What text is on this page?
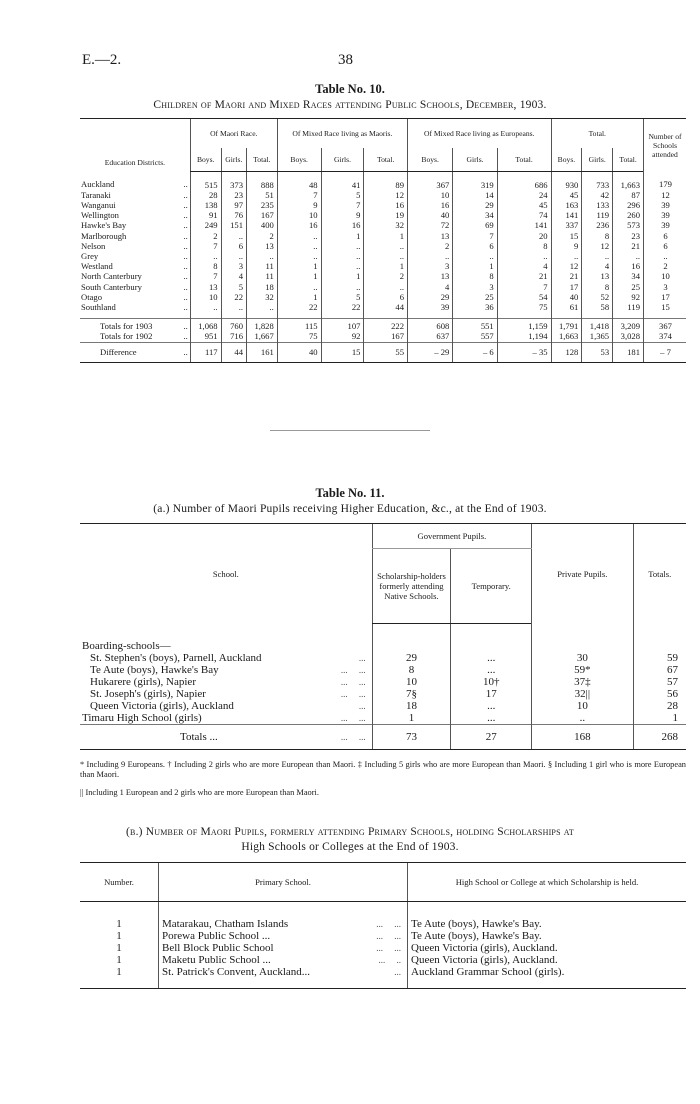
E.—2.	38
Table No. 10.
Children of Maori and Mixed Races attending Public Schools, December, 1903.
Education Districts.		Of Maori Race.			Of Mixed Race living as Maoris.			Of Mixed Race living as Europeans.			Total.			Number of Schools attended
		Boys.	Girls.	Total.	Boys.	Girls.	Total.	Boys.	Girls.	Total.	Boys.	Girls.	Total.	
Auckland	..	515	373	888	48	41	89	367	319	686	930	733	1,663	179
Taranaki	..	28	23	51	7	5	12	10	14	24	45	42	87	12
Wanganui	..	138	97	235	9	7	16	16	29	45	163	133	296	39
Wellington	..	91	76	167	10	9	19	40	34	74	141	119	260	39
Hawke's Bay	..	249	151	400	16	16	32	72	69	141	337	236	573	39
Marlborough	..	2	..	2	..	1	1	13	7	20	15	8	23	6
Nelson	..	7	6	13	..	..	..	2	6	8	9	12	21	6
Grey	..	..	..	..	..	..	..	..	..	..	..	..	..	..
Westland	..	8	3	11	1	..	1	3	1	4	12	4	16	2
North Canterbury	..	7	4	11	1	1	2	13	8	21	21	13	34	10
South Canterbury	..	13	5	18	..	..	..	4	3	7	17	8	25	3
Otago	..	10	22	32	1	5	6	29	25	54	40	52	92	17
Southland	..	..	..	..	22	22	44	39	36	75	61	58	119	15
Totals for 1903	..	1,068	760	1,828	115	107	222	608	551	1,159	1,791	1,418	3,209	367
Totals for 1902	..	951	716	1,667	75	92	167	637	557	1,194	1,663	1,365	3,028	374
Difference	..	117	44	161	40	15	55	– 29	– 6	– 35	128	53	181	– 7
Table No. 11.
(a.) Number of Maori Pupils receiving Higher Education, &c., at the End of 1903.
School.	Government Pupils.		Private Pupils.	Totals.
	Scholarship-holders formerly attending Native Schools.	Temporary.		
Boarding-schools—				
St. Stephen's (boys), Parnell, Auckland ...	29	...	30	59
Te Aute (boys), Hawke's Bay ...     ...	8	...	59*	67
Hukarere (girls), Napier ...     ...	10	10†	37‡	57
St. Joseph's (girls), Napier ...     ...	7§	17	32||	56
Queen Victoria (girls), Auckland ...	18	...	10	28
Timaru High School (girls) ...     ...	1	...	..	1
Totals ... ...     ...	73	27	168	268
* Including 9 Europeans. † Including 2 girls who are more European than Maori. ‡ Including 5 girls who are more European than Maori. § Including 1 girl who is more European than Maori.
|| Including 1 European and 2 girls who are more European than Maori.
(b.) Number of Maori Pupils, formerly attending Primary Schools, holding Scholarships at
High Schools or Colleges at the End of 1903.
Number.	Primary School.	High School or College at which Scholarship is held.
1	Matarakau, Chatham Islands ...     ...	Te Aute (boys), Hawke's Bay.
1	Porewa Public School ... ...     ...	Te Aute (boys), Hawke's Bay.
1	Bell Block Public School ...     ...	Queen Victoria (girls), Auckland.
1	Maketu Public School ... ...     ..	Queen Victoria (girls), Auckland.
1	St. Patrick's Convent, Auckland... ...	Auckland Grammar School (girls).
